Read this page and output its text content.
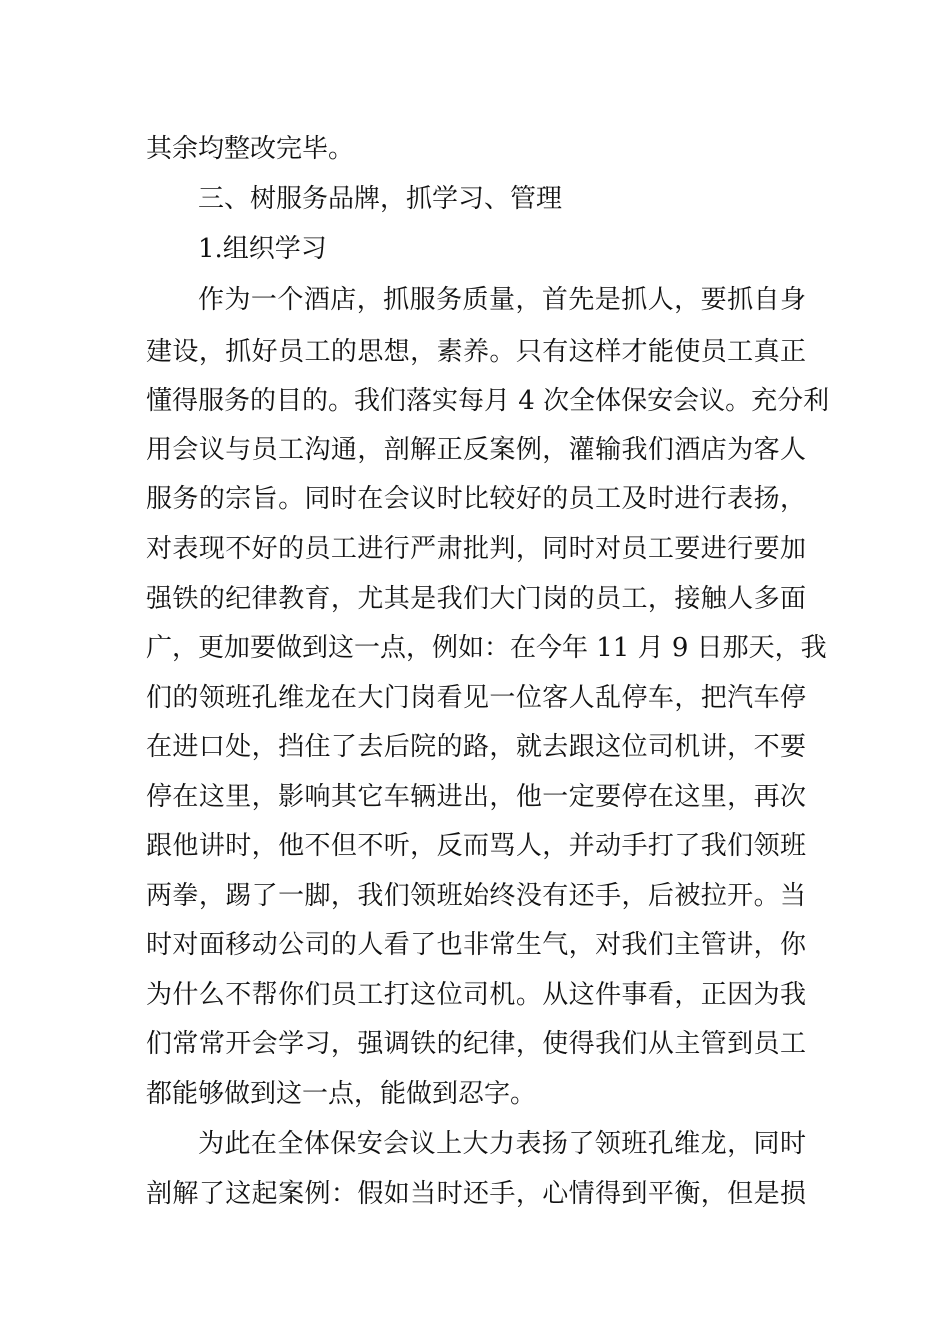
其余均整改完毕。
三、树服务品牌，抓学习、管理
1.组织学习
作为一个酒店，抓服务质量，首先是抓人，要抓自身
建设，抓好员工的思想，素养。只有这样才能使员工真正
懂得服务的目的。我们落实每月 4 次全体保安会议。充分利
用会议与员工沟通，剖解正反案例，灌输我们酒店为客人
服务的宗旨。同时在会议时比较好的员工及时进行表扬，
对表现不好的员工进行严肃批判，同时对员工要进行要加
强铁的纪律教育，尤其是我们大门岗的员工，接触人多面
广，更加要做到这一点，例如：在今年 11 月 9 日那天，我
们的领班孔维龙在大门岗看见一位客人乱停车，把汽车停
在进口处，挡住了去后院的路，就去跟这位司机讲，不要
停在这里，影响其它车辆进出，他一定要停在这里，再次
跟他讲时，他不但不听，反而骂人，并动手打了我们领班
两拳，踢了一脚，我们领班始终没有还手，后被拉开。当
时对面移动公司的人看了也非常生气，对我们主管讲，你
为什么不帮你们员工打这位司机。从这件事看，正因为我
们常常开会学习，强调铁的纪律，使得我们从主管到员工
都能够做到这一点，能做到忍字。
为此在全体保安会议上大力表扬了领班孔维龙，同时
剖解了这起案例：假如当时还手，心情得到平衡，但是损
